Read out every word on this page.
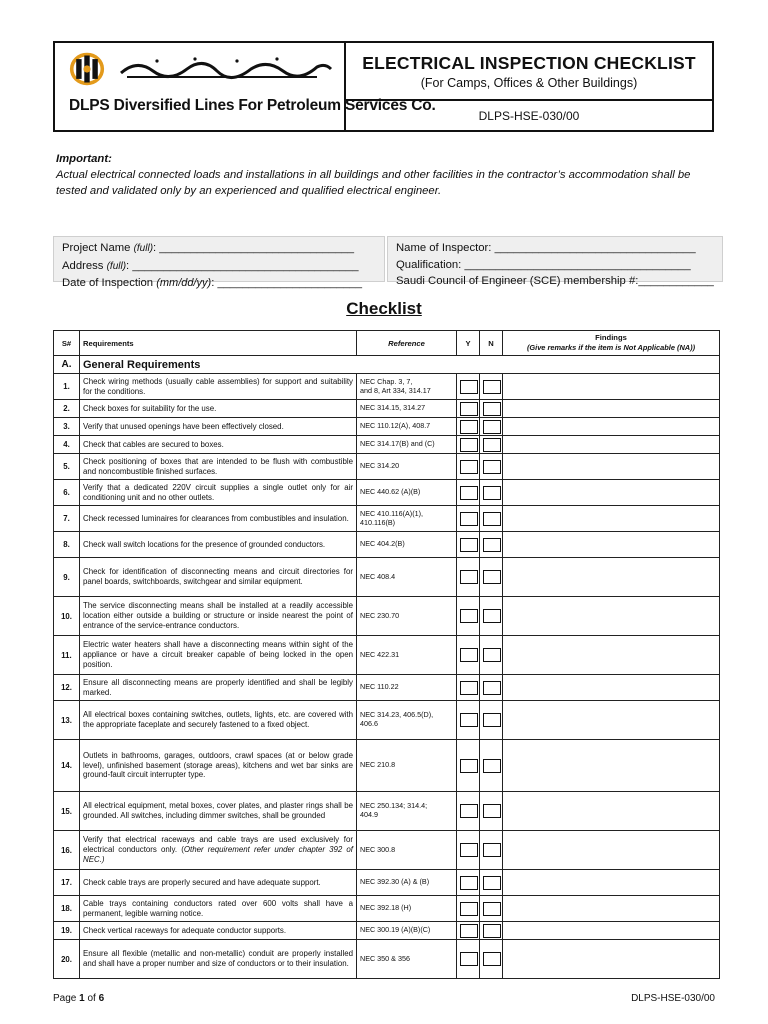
DLPS Diversified Lines For Petroleum Services Co.
ELECTRICAL INSPECTION CHECKLIST
(For Camps, Offices & Other Buildings)
DLPS-HSE-030/00
Important:
Actual electrical connected loads and installations in all buildings and other facilities in the contractor’s accommodation shall be tested and validated only by an experienced and qualified electrical engineer.
Project Name (full): _______________________________
Address (full): ____________________________________
Date of Inspection (mm/dd/yy): _______________________
Name of Inspector: ________________________________
Qualification: ____________________________________
Saudi Council of Engineer (SCE) membership #:____________
Checklist
S#	Requirements	Reference	Y	N	Findings
(Give remarks if the item is Not Applicable (NA))

A.	General Requirements				
1.	Check wiring methods (usually cable assemblies) for support and suitability for the conditions.	NEC Chap. 3, 7,
and 8, Art 334, 314.17			
2.	Check boxes for suitability for the use.	NEC 314.15, 314.27			
3.	Verify that unused openings have been effectively closed.	NEC 110.12(A), 408.7			
4.	Check that cables are secured to boxes.	NEC 314.17(B) and (C)			
5.	Check positioning of boxes that are intended to be flush with combustible and noncombustible finished surfaces.	NEC 314.20			
6.	Verify that a dedicated 220V circuit supplies a single outlet only for air conditioning unit and no other outlets.	NEC 440.62 (A)(B)			
7.	Check recessed luminaires for clearances from combustibles and insulation.	NEC 410.116(A)(1),
410.116(B)			
8.	Check wall switch locations for the presence of grounded conductors.	NEC 404.2(B)			
9.	Check for identification of disconnecting means and circuit directories for panel boards, switchboards, switchgear and similar equipment.	NEC 408.4			
10.	The service disconnecting means shall be installed at a readily accessible location either outside a building or structure or inside nearest the point of entrance of the service-entrance conductors.	NEC 230.70			
11.	Electric water heaters shall have a disconnecting means within sight of the appliance or have a circuit breaker capable of being locked in the open position.	NEC 422.31			
12.	Ensure all disconnecting means are properly identified and shall be legibly marked.	NEC 110.22			
13.	All electrical boxes containing switches, outlets, lights, etc. are covered with the appropriate faceplate and securely fastened to a fixed object.	NEC 314.23, 406.5(D),
406.6			
14.	Outlets in bathrooms, garages, outdoors, crawl spaces (at or below grade level), unfinished basement (storage areas), kitchens and wet bar sinks are ground-fault circuit interrupter type.	NEC 210.8			
15.	All electrical equipment, metal boxes, cover plates, and plaster rings shall be grounded. All switches, including dimmer switches, shall be grounded	NEC 250.134; 314.4;
404.9			
16.	Verify that electrical raceways and cable trays are used exclusively for electrical conductors only. (Other requirement refer under chapter 392 of NEC.)	NEC 300.8			
17.	Check cable trays are properly secured and have adequate support.	NEC 392.30 (A) & (B)			
18.	Cable trays containing conductors rated over 600 volts shall have a permanent, legible warning notice.	NEC 392.18 (H)			
19.	Check vertical raceways for adequate conductor supports.	NEC 300.19 (A)(B)(C)			
20.	Ensure all flexible (metallic and non-metallic) conduit are properly installed and shall have a proper number and size of conductors or to their insulation.	NEC 350 & 356			
Page 1 of 6	DLPS-HSE-030/00
